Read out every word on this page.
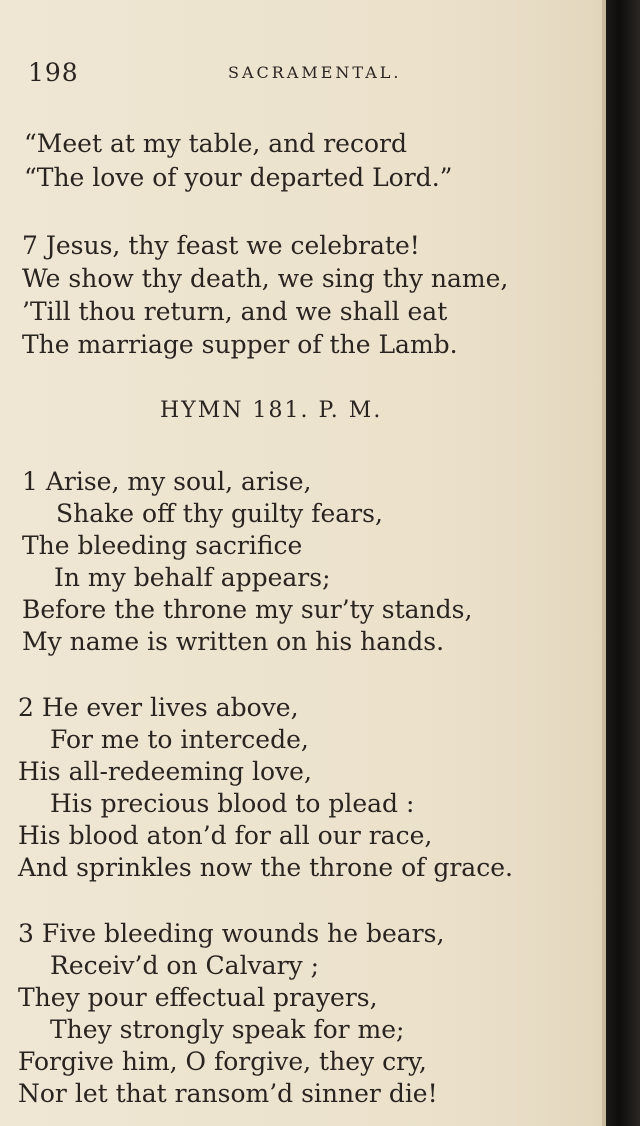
198	SACRAMENTAL.
“Meet at my table, and record
“The love of your departed Lord.”
7 Jesus, thy feast we celebrate!
We show thy death, we sing thy name,
’Till thou return, and we shall eat
The marriage supper of the Lamb.
HYMN 181. P. M.
1 Arise, my soul, arise,
Shake off thy guilty fears,
The bleeding sacrifice
In my behalf appears;
Before the throne my sur’ty stands,
My name is written on his hands.
2 He ever lives above,
For me to intercede,
His all-redeeming love,
His precious blood to plead :
His blood aton’d for all our race,
And sprinkles now the throne of grace.
3 Five bleeding wounds he bears,
Receiv’d on Calvary ;
They pour effectual prayers,
They strongly speak for me;
Forgive him, O forgive, they cry,
Nor let that ransom’d sinner die!
